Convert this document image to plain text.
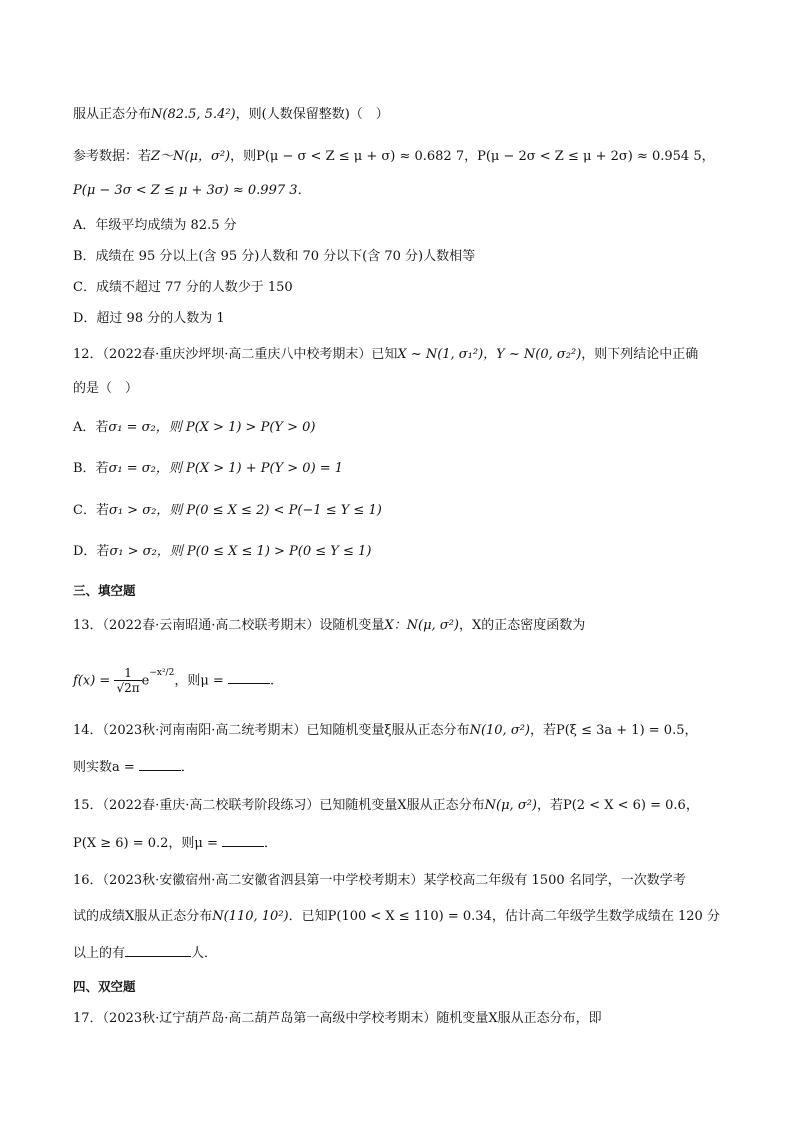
服从正态分布N(82.5, 5.4²)，则(人数保留整数)（　）
参考数据：若Z～N(μ，σ²)，则P(μ − σ < Z ≤ μ + σ) ≈ 0.682 7，P(μ − 2σ < Z ≤ μ + 2σ) ≈ 0.954 5，
P(μ − 3σ < Z ≤ μ + 3σ) ≈ 0.997 3．
A．年级平均成绩为 82.5 分
B．成绩在 95 分以上(含 95 分)人数和 70 分以下(含 70 分)人数相等
C．成绩不超过 77 分的人数少于 150
D．超过 98 分的人数为 1
12．（2022春·重庆沙坪坝·高二重庆八中校考期末）已知X ~ N(1, σ₁²)，Y ~ N(0, σ₂²)，则下列结论中正确
的是（　）
A．若σ₁ = σ₂，则 P(X > 1) > P(Y > 0)
B．若σ₁ = σ₂，则 P(X > 1) + P(Y > 0) = 1
C．若σ₁ > σ₂，则 P(0 ≤ X ≤ 2) < P(−1 ≤ Y ≤ 1)
D．若σ₁ > σ₂，则 P(0 ≤ X ≤ 1) > P(0 ≤ Y ≤ 1)
三、填空题
13．（2022春·云南昭通·高二校联考期末）设随机变量X：N(μ, σ²)，X的正态密度函数为
$f(x) = \frac{1}{√2\pi} e^{-x^2/2}$，则μ =	.
14．（2023秋·河南南阳·高二统考期末）已知随机变量ξ服从正态分布N(10, σ²)，若P(ξ ≤ 3a + 1) = 0.5，
则实数a =	．
15．（2022春·重庆·高二校联考阶段练习）已知随机变量X服从正态分布N(μ, σ²)，若P(2 < X < 6) = 0.6，
P(X ≥ 6) = 0.2，则μ =	．
16．（2023秋·安徽宿州·高二安徽省泗县第一中学校考期末）某学校高二年级有 1500 名同学，一次数学考
试的成绩X服从正态分布N(110, 10²)．已知P(100 < X ≤ 110) = 0.34，估计高二年级学生数学成绩在 120 分
以上的有	人．
四、双空题
17．（2023秋·辽宁葫芦岛·高二葫芦岛第一高级中学校考期末）随机变量X服从正态分布，即
